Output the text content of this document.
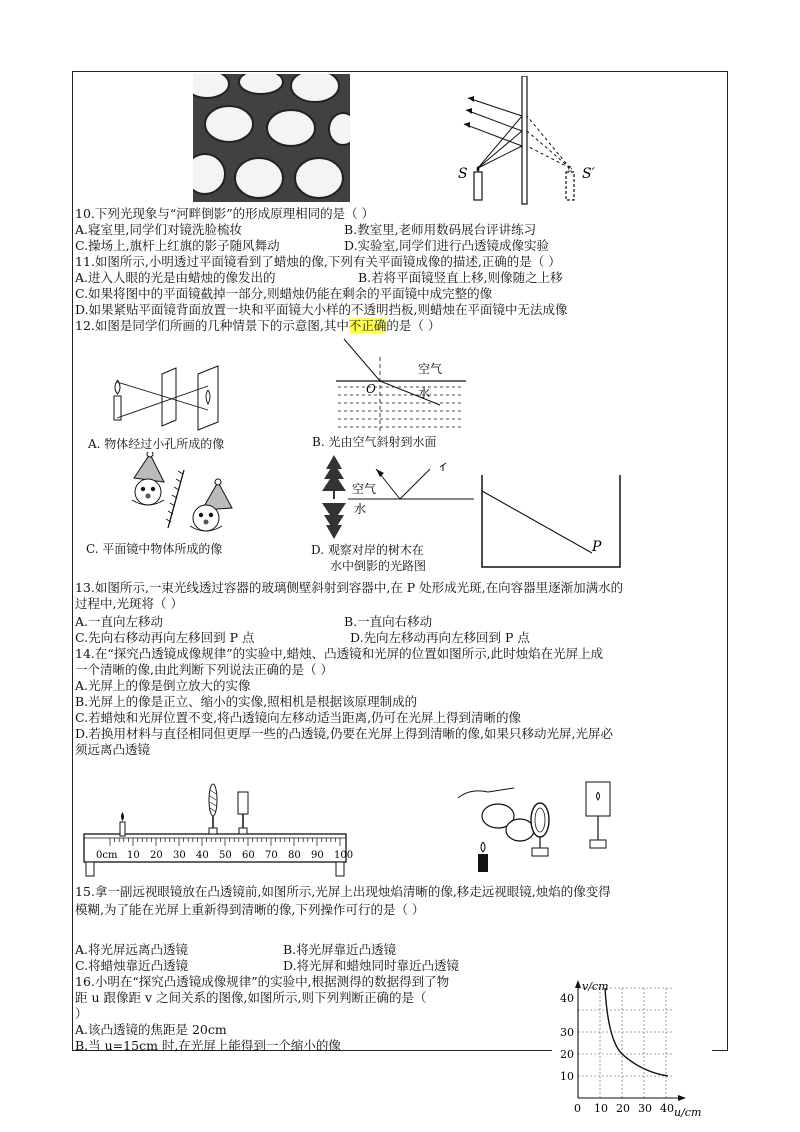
S	S′
10.下列光现象与“河畔倒影”的形成原理相同的是（ ）
A.寝室里,同学们对镜洗脸梳妆	B.教室里,老师用数码展台评讲练习
C.操场上,旗杆上红旗的影子随风舞动	D.实验室,同学们进行凸透镜成像实验
11.如图所示,小明透过平面镜看到了蜡烛的像,下列有关平面镜成像的描述,正确的是（ ）
A.进入人眼的光是由蜡烛的像发出的	B.若将平面镜竖直上移,则像随之上移
C.如果将图中的平面镜截掉一部分,则蜡烛仍能在剩余的平面镜中成完整的像
D.如果紧贴平面镜背面放置一块和平面镜大小样的不透明挡板,则蜡烛在平面镜中无法成像
12.如图是同学们所画的几种情景下的示意图,其中不正确的是（ ）
A. 物体经过小孔所成的像
O
空气
水
B. 光由空气斜射到水面
C. 平面镜中物体所成的像
空气
水
D. 观察对岸的树木在
水中倒影的光路图
P
13.如图所示,一束光线透过容器的玻璃侧壁斜射到容器中,在 P 处形成光斑,在向容器里逐渐加满水的
过程中,光斑将（ ）
A.一直向左移动	B.一直向右移动
C.先向右移动再向左移回到 P 点	D.先向左移动再向左移回到 P 点
14.在“探究凸透镜成像规律”的实验中,蜡烛、凸透镜和光屏的位置如图所示,此时烛焰在光屏上成
一个清晰的像,由此判断下列说法正确的是（ ）
A.光屏上的像是倒立放大的实像
B.光屏上的像是正立、缩小的实像,照相机是根据该原理制成的
C.若蜡烛和光屏位置不变,将凸透镜向左移动适当距离,仍可在光屏上得到清晰的像
D.若换用材料与直径相同但更厚一些的凸透镜,仍要在光屏上得到清晰的像,如果只移动光屏,光屏必
须远离凸透镜
0cm 10 20 30 40 50 60 70 80 90 100
15.拿一副远视眼镜放在凸透镜前,如图所示,光屏上出现烛焰清晰的像,移走远视眼镜,烛焰的像变得
模糊,为了能在光屏上重新得到清晰的像,下列操作可行的是（ ）
A.将光屏远离凸透镜	B.将光屏靠近凸透镜
C.将蜡烛靠近凸透镜	D.将光屏和蜡烛同时靠近凸透镜
16.小明在“探究凸透镜成像规律”的实验中,根据测得的数据得到了物
距 u 跟像距 v 之间关系的图像,如图所示,则下列判断正确的是（
）
A.该凸透镜的焦距是 20cm
B.当 u=15cm 时,在光屏上能得到一个缩小的像
v/cm
u/cm
0 10 20 30 40
10
20
30
40
